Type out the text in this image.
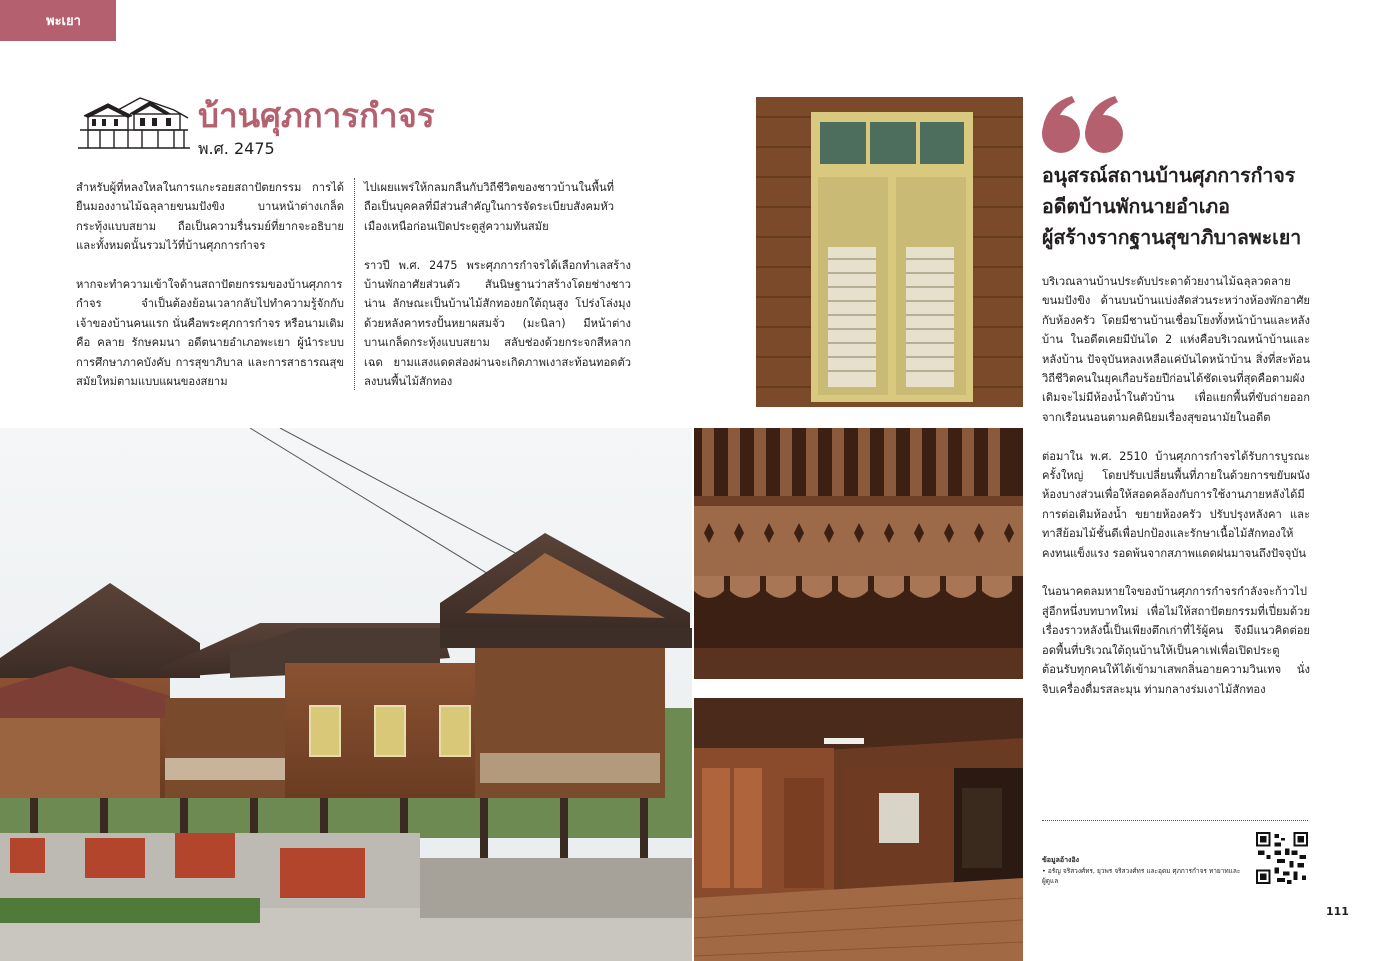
พะเยา
บ้านศุภการกำจร
พ.ศ. 2475

สำหรับผู้ที่หลงใหลในการแกะรอยสถาปัตยกรรม การได้ยืนมองงานไม้ฉลุลายขนมปังขิง บานหน้าต่างเกล็ดกระทุ้งแบบสยาม ถือเป็นความรื่นรมย์ที่ยากจะอธิบาย และทั้งหมดนั้นรวมไว้ที่บ้านศุภการกำจร

หากจะทำความเข้าใจด้านสถาปัตยกรรมของบ้านศุภการกำจร จำเป็นต้องย้อนเวลากลับไปทำความรู้จักกับเจ้าของบ้านคนแรก นั่นคือพระศุภการกำจร หรือนามเดิมคือ คลาย รักษคมนา อดีตนายอำเภอพะเยา ผู้นำระบบการศึกษาภาคบังคับ การสุขาภิบาล และการสาธารณสุขสมัยใหม่ตามแบบแผนของสยาม

ไปเผยแพร่ให้กลมกลืนกับวิถีชีวิตของชาวบ้านในพื้นที่ ถือเป็นบุคคลที่มีส่วนสำคัญในการจัดระเบียบสังคมหัวเมืองเหนือก่อนเปิดประตูสู่ความทันสมัย

ราวปี พ.ศ. 2475 พระศุภการกำจรได้เลือกทำเลสร้างบ้านพักอาศัยส่วนตัว สันนิษฐานว่าสร้างโดยช่างชาวน่าน ลักษณะเป็นบ้านไม้สักทองยกใต้ถุนสูง โปร่งโล่งมุงด้วยหลังคาทรงปั้นหยาผสมจั่ว (มะนิลา) มีหน้าต่างบานเกล็ดกระทุ้งแบบสยาม สลับช่องด้วยกระจกสีหลากเฉด ยามแสงแดดส่องผ่านจะเกิดภาพเงาสะท้อนทอดตัวลงบนพื้นไม้สักทอง

อนุสรณ์สถานบ้านศุภการกำจร
อดีตบ้านพักนายอำเภอ
ผู้สร้างรากฐานสุขาภิบาลพะเยา

บริเวณลานบ้านประดับประดาด้วยงานไม้ฉลุลวดลายขนมปังขิง ด้านบนบ้านแบ่งสัดส่วนระหว่างห้องพักอาศัยกับห้องครัว โดยมีชานบ้านเชื่อมโยงทั้งหน้าบ้านและหลังบ้าน ในอดีตเคยมีบันได 2 แห่งคือบริเวณหน้าบ้านและหลังบ้าน ปัจจุบันหลงเหลือแค่บันไดหน้าบ้าน สิ่งที่สะท้อนวิถีชีวิตคนในยุคเกือบร้อยปีก่อนได้ชัดเจนที่สุดคือตามผังเดิมจะไม่มีห้องน้ำในตัวบ้าน เพื่อแยกพื้นที่ขับถ่ายออกจากเรือนนอนตามคตินิยมเรื่องสุขอนามัยในอดีต

ต่อมาใน พ.ศ. 2510 บ้านศุภการกำจรได้รับการบูรณะครั้งใหญ่ โดยปรับเปลี่ยนพื้นที่ภายในด้วยการขยับผนังห้องบางส่วนเพื่อให้สอดคล้องกับการใช้งานภายหลังได้มีการต่อเติมห้องน้ำ ขยายห้องครัว ปรับปรุงหลังคา และทาสีย้อมไม้ชั้นดีเพื่อปกป้องและรักษาเนื้อไม้สักทองให้คงทนแข็งแรง รอดพ้นจากสภาพแดดฝนมาจนถึงปัจจุบัน

ในอนาคตลมหายใจของบ้านศุภการกำจรกำลังจะก้าวไปสู่อีกหนึ่งบทบาทใหม่ เพื่อไม่ให้สถาปัตยกรรมที่เปี่ยมด้วยเรื่องราวหลังนี้เป็นเพียงตึกเก่าที่ไร้ผู้คน จึงมีแนวคิดต่อยอดพื้นที่บริเวณใต้ถุนบ้านให้เป็นคาเฟเพื่อเปิดประตูต้อนรับทุกคนให้ได้เข้ามาเสพกลิ่นอายความวินเทจ นั่งจิบเครื่องดื่มรสละมุน ท่ามกลางร่มเงาไม้สักทอง

ข้อมูลอ้างอิง
• อรัญ จริสวงศ์ทร, ยุวพร จริสวงศ์ทร และอุดม ศุภการกำจร ทายาทและผู้ดูแล
111
